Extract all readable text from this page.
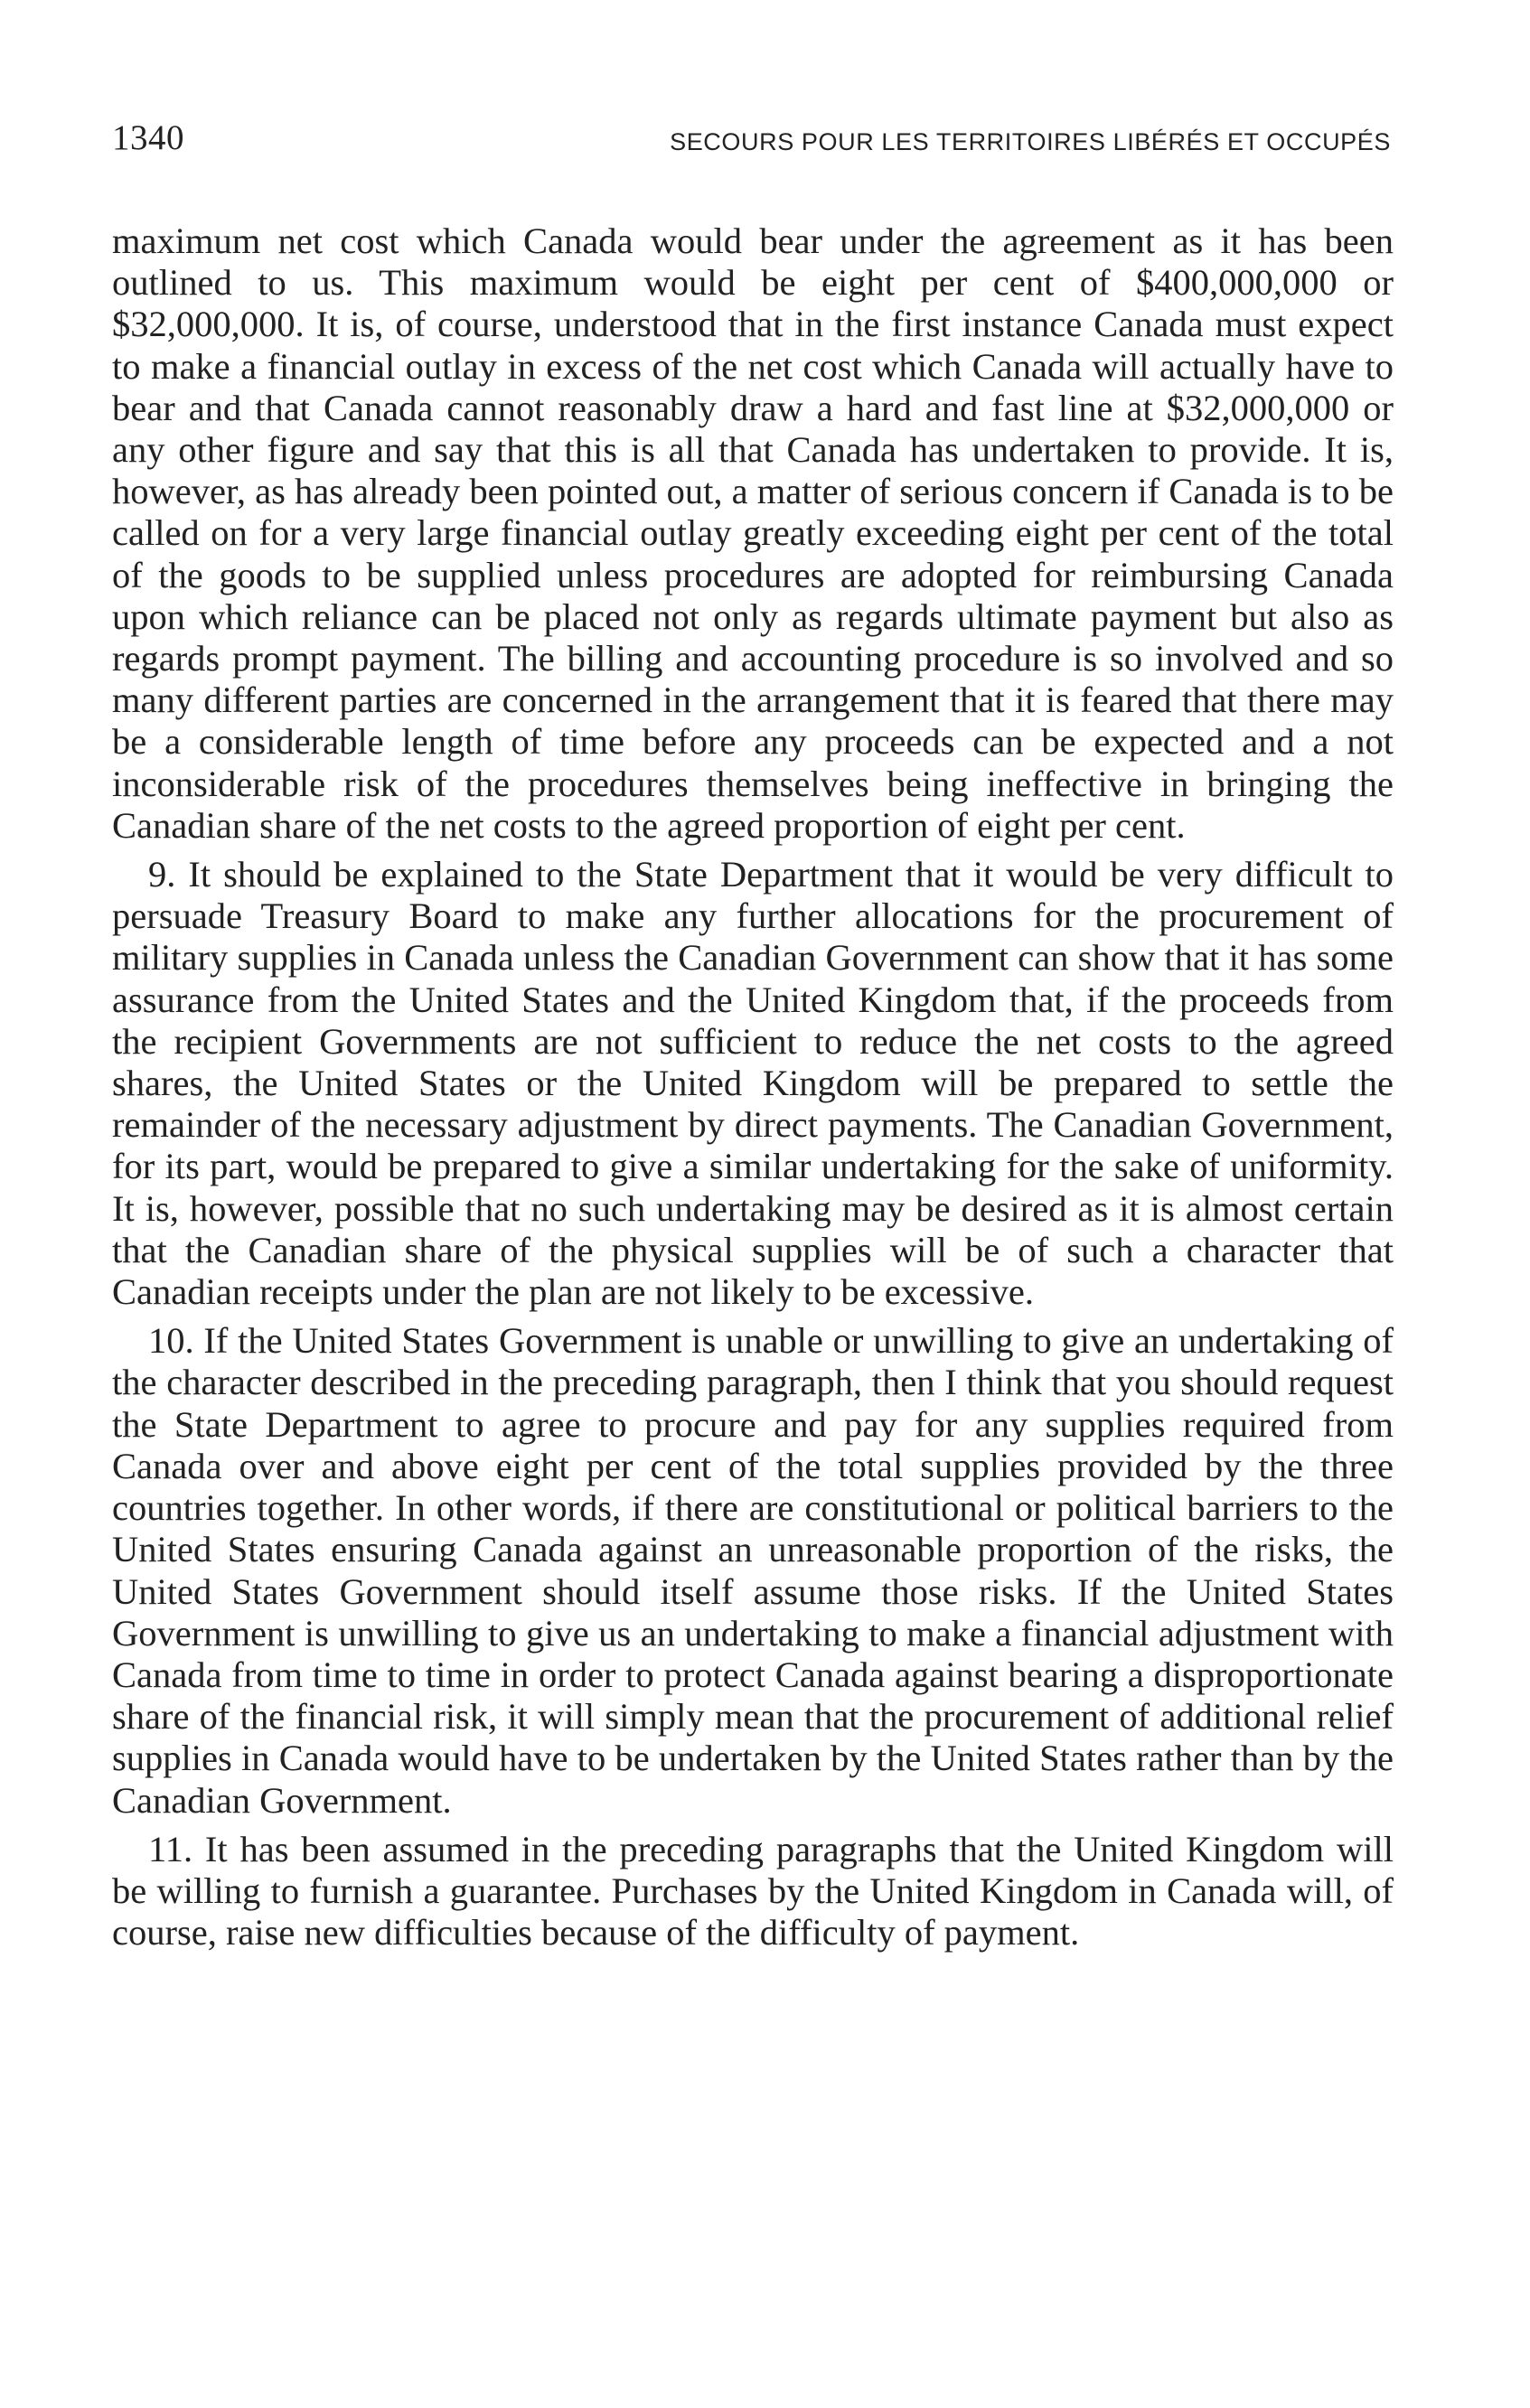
1340	SECOURS POUR LES TERRITOIRES LIBÉRÉS ET OCCUPÉS

maximum net cost which Canada would bear under the agreement as it has been outlined to us. This maximum would be eight per cent of $400,000,000 or $32,000,000. It is, of course, understood that in the first instance Canada must expect to make a financial outlay in excess of the net cost which Canada will actually have to bear and that Canada cannot reasonably draw a hard and fast line at $32,000,000 or any other figure and say that this is all that Canada has undertaken to provide. It is, however, as has already been pointed out, a matter of serious concern if Canada is to be called on for a very large financial outlay greatly exceeding eight per cent of the total of the goods to be supplied unless procedures are adopted for reimbursing Canada upon which reliance can be placed not only as regards ultimate payment but also as regards prompt payment. The billing and accounting procedure is so involved and so many different parties are concerned in the arrangement that it is feared that there may be a considerable length of time before any proceeds can be expected and a not inconsiderable risk of the procedures themselves being ineffective in bringing the Canadian share of the net costs to the agreed proportion of eight per cent.

9. It should be explained to the State Department that it would be very difficult to persuade Treasury Board to make any further allocations for the procurement of military supplies in Canada unless the Canadian Government can show that it has some assurance from the United States and the United Kingdom that, if the proceeds from the recipient Governments are not sufficient to reduce the net costs to the agreed shares, the United States or the United Kingdom will be prepared to settle the remainder of the necessary adjustment by direct payments. The Canadian Government, for its part, would be prepared to give a similar undertaking for the sake of uniformity. It is, however, possible that no such undertaking may be desired as it is almost certain that the Canadian share of the physical supplies will be of such a character that Canadian receipts under the plan are not likely to be excessive.

10. If the United States Government is unable or unwilling to give an undertaking of the character described in the preceding paragraph, then I think that you should request the State Department to agree to procure and pay for any supplies required from Canada over and above eight per cent of the total supplies provided by the three countries together. In other words, if there are constitutional or political barriers to the United States ensuring Canada against an unreasonable proportion of the risks, the United States Government should itself assume those risks. If the United States Government is unwilling to give us an undertaking to make a financial adjustment with Canada from time to time in order to protect Canada against bearing a disproportionate share of the financial risk, it will simply mean that the procurement of additional relief supplies in Canada would have to be undertaken by the United States rather than by the Canadian Government.

11. It has been assumed in the preceding paragraphs that the United Kingdom will be willing to furnish a guarantee. Purchases by the United Kingdom in Canada will, of course, raise new difficulties because of the difficulty of payment.
